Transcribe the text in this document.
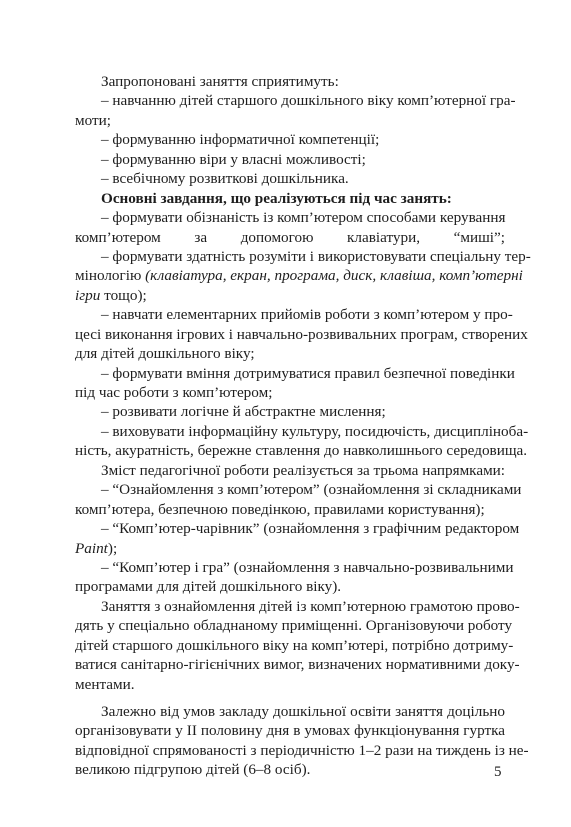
Запропоновані заняття сприятимуть:
– навчанню дітей старшого дошкільного віку комп’ютерної гра-
моти;
– формуванню інформатичної компетенції;
– формуванню віри у власні можливості;
– всебічному розвиткові дошкільника.
Основні завдання, що реалізуються під час занять:
– формувати обізнаність із комп’ютером способами керування
комп’ютером за допомогою клавіатури, “миші”;
– формувати здатність розуміти і використовувати спеціальну тер-
мінологію (клавіатура, екран, програма, диск, клавіша, комп’ютерні
ігри тощо);
– навчати елементарних прийомів роботи з комп’ютером у про-
цесі виконання ігрових і навчально-розвивальних програм, створених
для дітей дошкільного віку;
– формувати вміння дотримуватися правил безпечної поведінки
під час роботи з комп’ютером;
– розвивати логічне й абстрактне мислення;
– виховувати інформаційну культуру, посидючість, дисципліноба-
ність, акуратність, бережне ставлення до навколишнього середовища.
Зміст педагогічної роботи реалізується за трьома напрямками:
– “Ознайомлення з комп’ютером” (ознайомлення зі складниками
комп’ютера, безпечною поведінкою, правилами користування);
– “Комп’ютер-чарівник” (ознайомлення з графічним редактором
Paint);
– “Комп’ютер і гра” (ознайомлення з навчально-розвивальними
програмами для дітей дошкільного віку).
Заняття з ознайомлення дітей із комп’ютерною грамотою прово-
дять у спеціально обладнаному приміщенні. Організовуючи роботу
дітей старшого дошкільного віку на комп’ютері, потрібно дотриму-
ватися санітарно-гігієнічних вимог, визначених нормативними доку-
ментами.
Залежно від умов закладу дошкільної освіти заняття доцільно
організовувати у ІІ половину дня в умовах функціонування гуртка
відповідної спрямованості з періодичністю 1–2 рази на тиждень із не-
великою підгрупою дітей (6–8 осіб).	5
